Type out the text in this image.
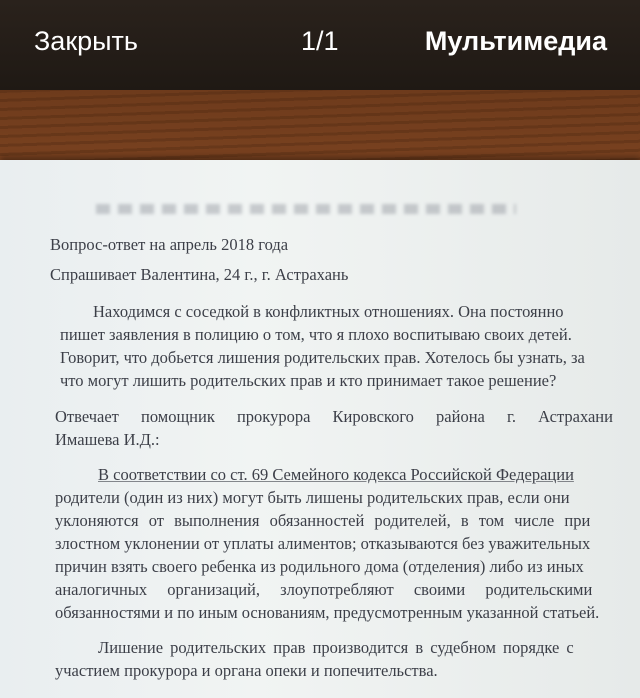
Закрыть	1/1	Мультимедиа
Вопрос-ответ на апрель 2018 года
Спрашивает Валентина, 24 г., г. Астрахань
Находимся с соседкой в конфликтных отношениях. Она постоянно
пишет заявления в полицию о том, что я плохо воспитываю своих детей.
Говорит, что добьется лишения родительских прав. Хотелось бы узнать, за
что могут лишить родительских прав и кто принимает такое решение?
Отвечает помощник прокурора Кировского района г. Астрахани
Имашева И.Д.:
В соответствии со ст. 69 Семейного кодекса Российской Федерации
родители (один из них) могут быть лишены родительских прав, если они
уклоняются от выполнения обязанностей родителей, в том числе при
злостном уклонении от уплаты алиментов; отказываются без уважительных
причин взять своего ребенка из родильного дома (отделения) либо из иных
аналогичных организаций, злоупотребляют своими родительскими
обязанностями и по иным основаниям, предусмотренным указанной статьей.
Лишение родительских прав производится в судебном порядке с
участием прокурора и органа опеки и попечительства.
